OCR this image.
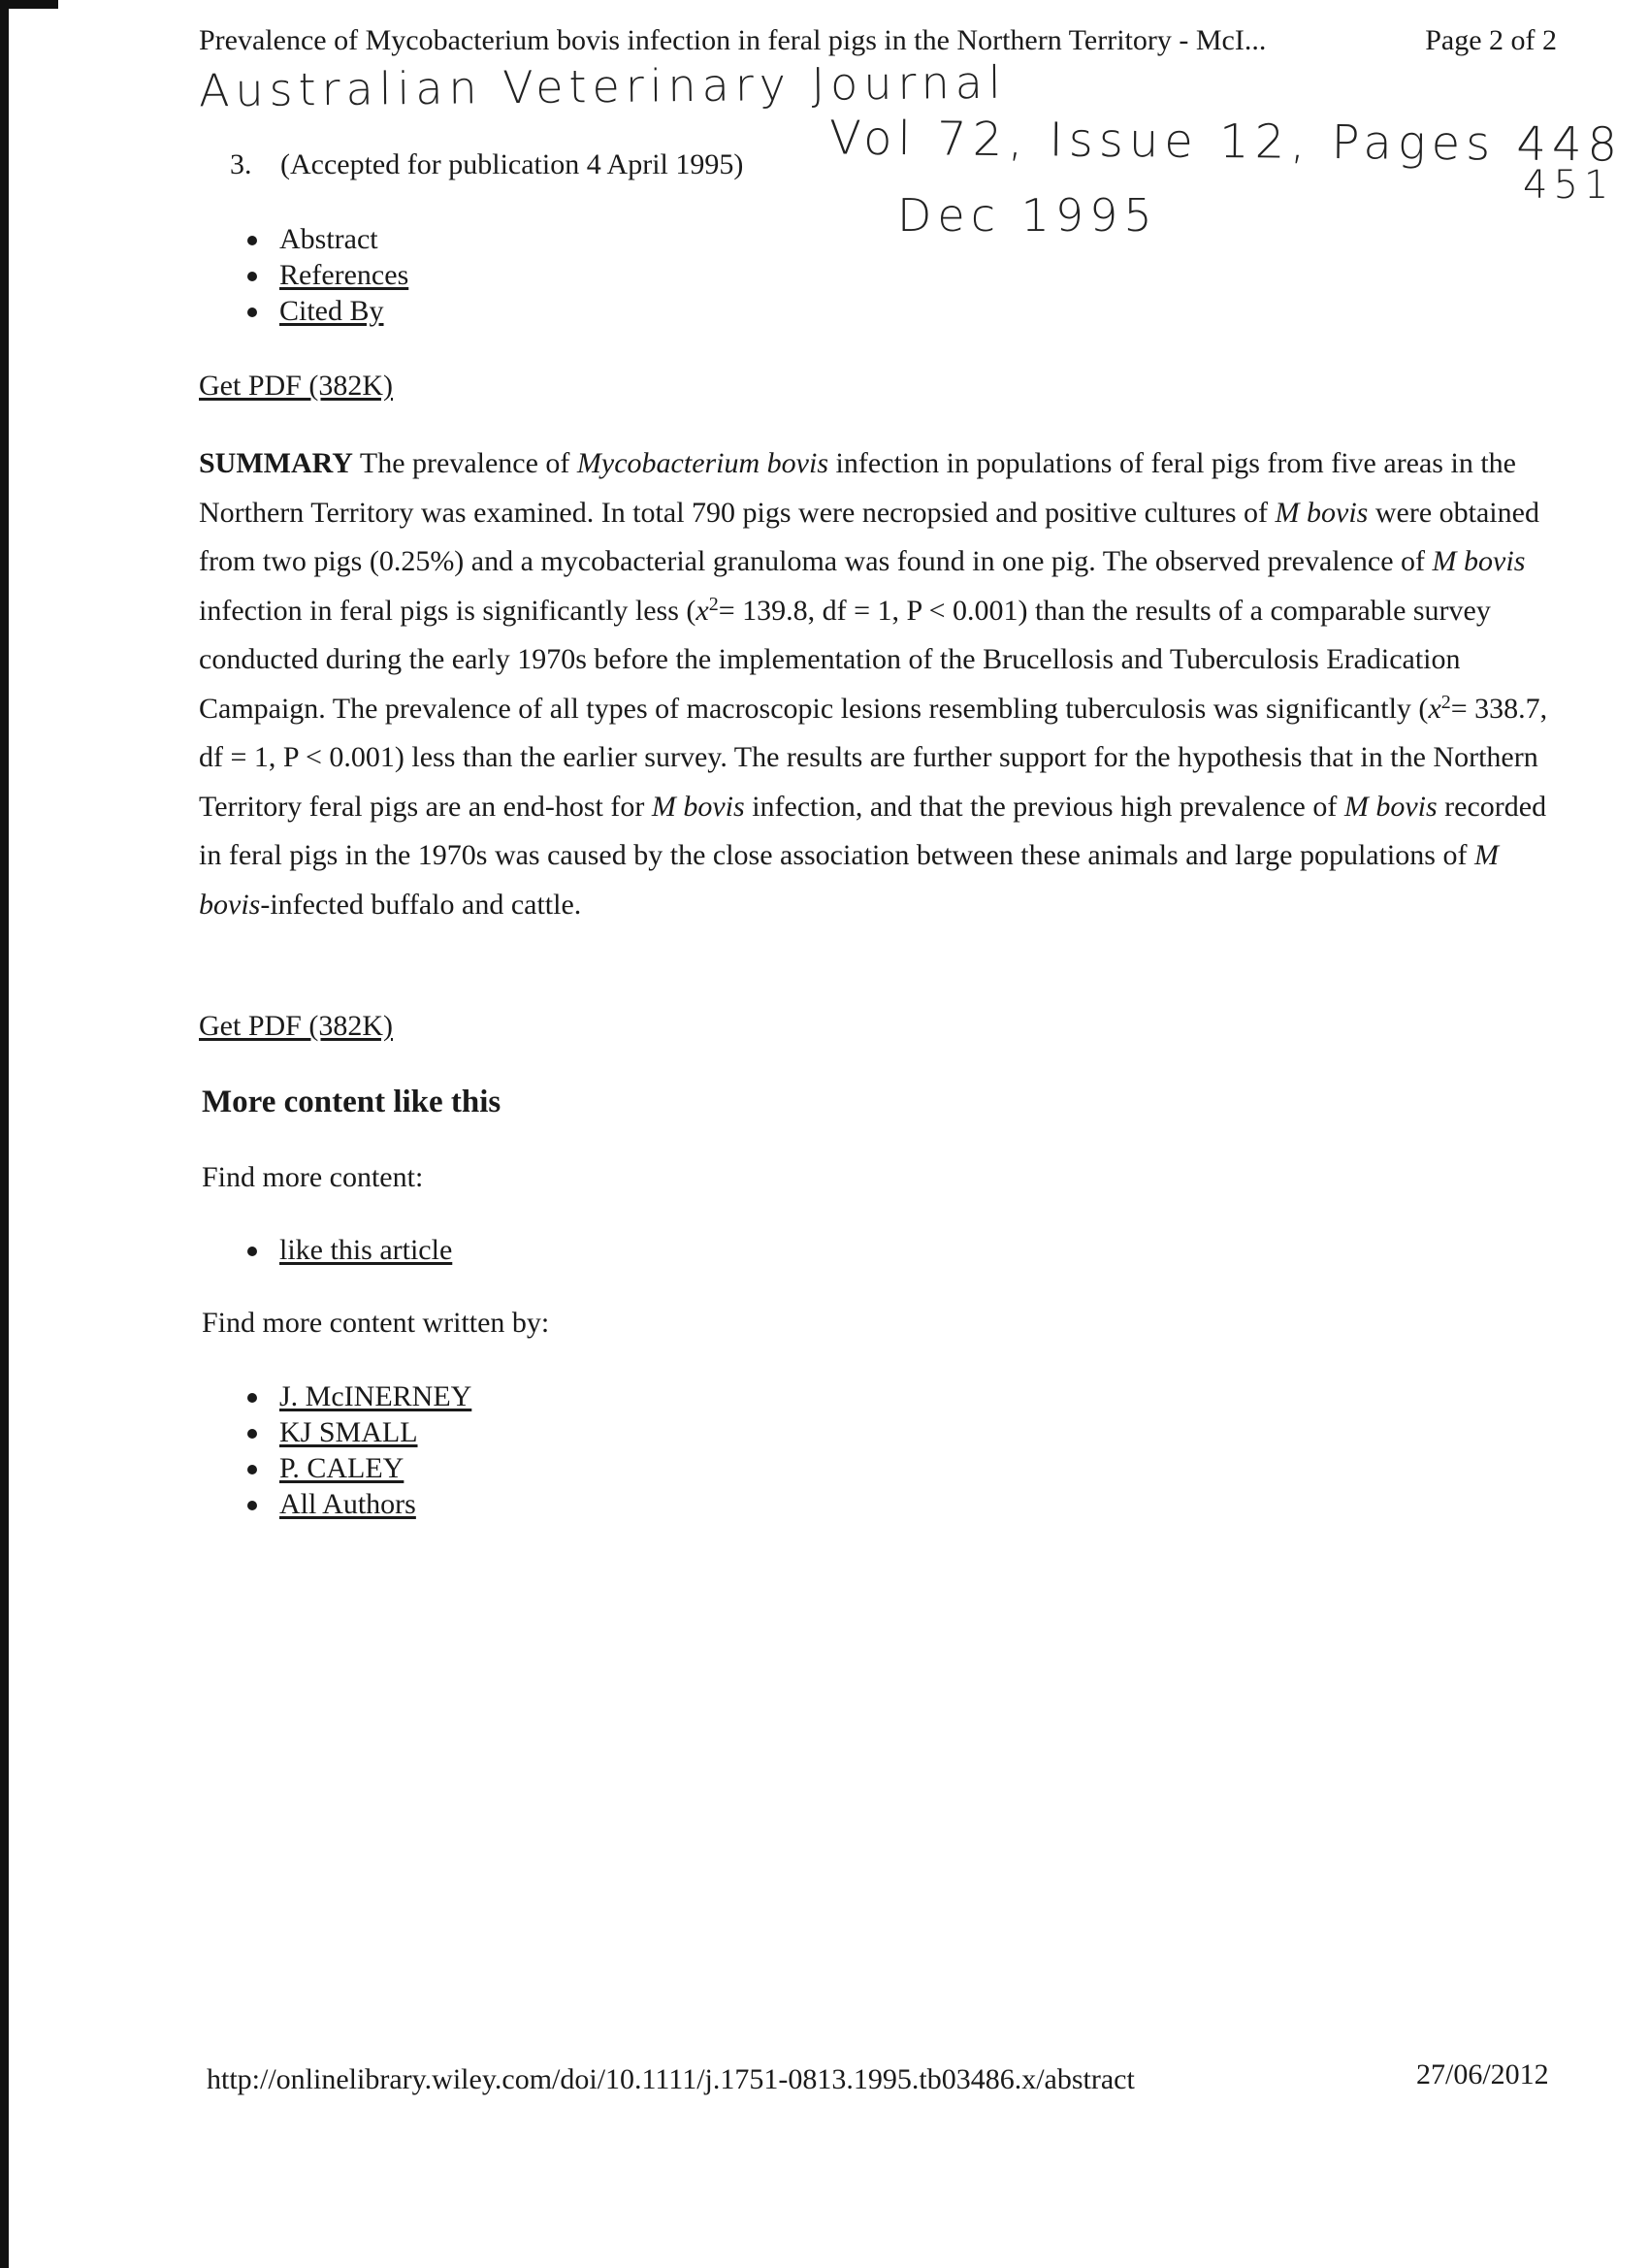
Prevalence of Mycobacterium bovis infection in feral pigs in the Northern Territory - McI...	Page 2 of 2
Australian Veterinary Journal
Vol 72, Issue 12, Pages 448
451
Dec 1995
3. (Accepted for publication 4 April 1995)
Abstract
References
Cited By
Get PDF (382K)
SUMMARY The prevalence of Mycobacterium bovis infection in populations of feral pigs from five areas in the Northern Territory was examined. In total 790 pigs were necropsied and positive cultures of M bovis were obtained from two pigs (0.25%) and a mycobacterial granuloma was found in one pig. The observed prevalence of M bovis infection in feral pigs is significantly less ($x^2= 139.8$, df = 1, P < 0.001) than the results of a comparable survey conducted during the early 1970s before the implementation of the Brucellosis and Tuberculosis Eradication Campaign. The prevalence of all types of macroscopic lesions resembling tuberculosis was significantly ($x^2= 338.7$, df = 1, P < 0.001) less than the earlier survey. The results are further support for the hypothesis that in the Northern Territory feral pigs are an end-host for M bovis infection, and that the previous high prevalence of M bovis recorded in feral pigs in the 1970s was caused by the close association between these animals and large populations of M bovis-infected buffalo and cattle.
Get PDF (382K)
More content like this
Find more content:
like this article
Find more content written by:
J. McINERNEY
KJ SMALL
P. CALEY
All Authors
http://onlinelibrary.wiley.com/doi/10.1111/j.1751-0813.1995.tb03486.x/abstract	27/06/2012
